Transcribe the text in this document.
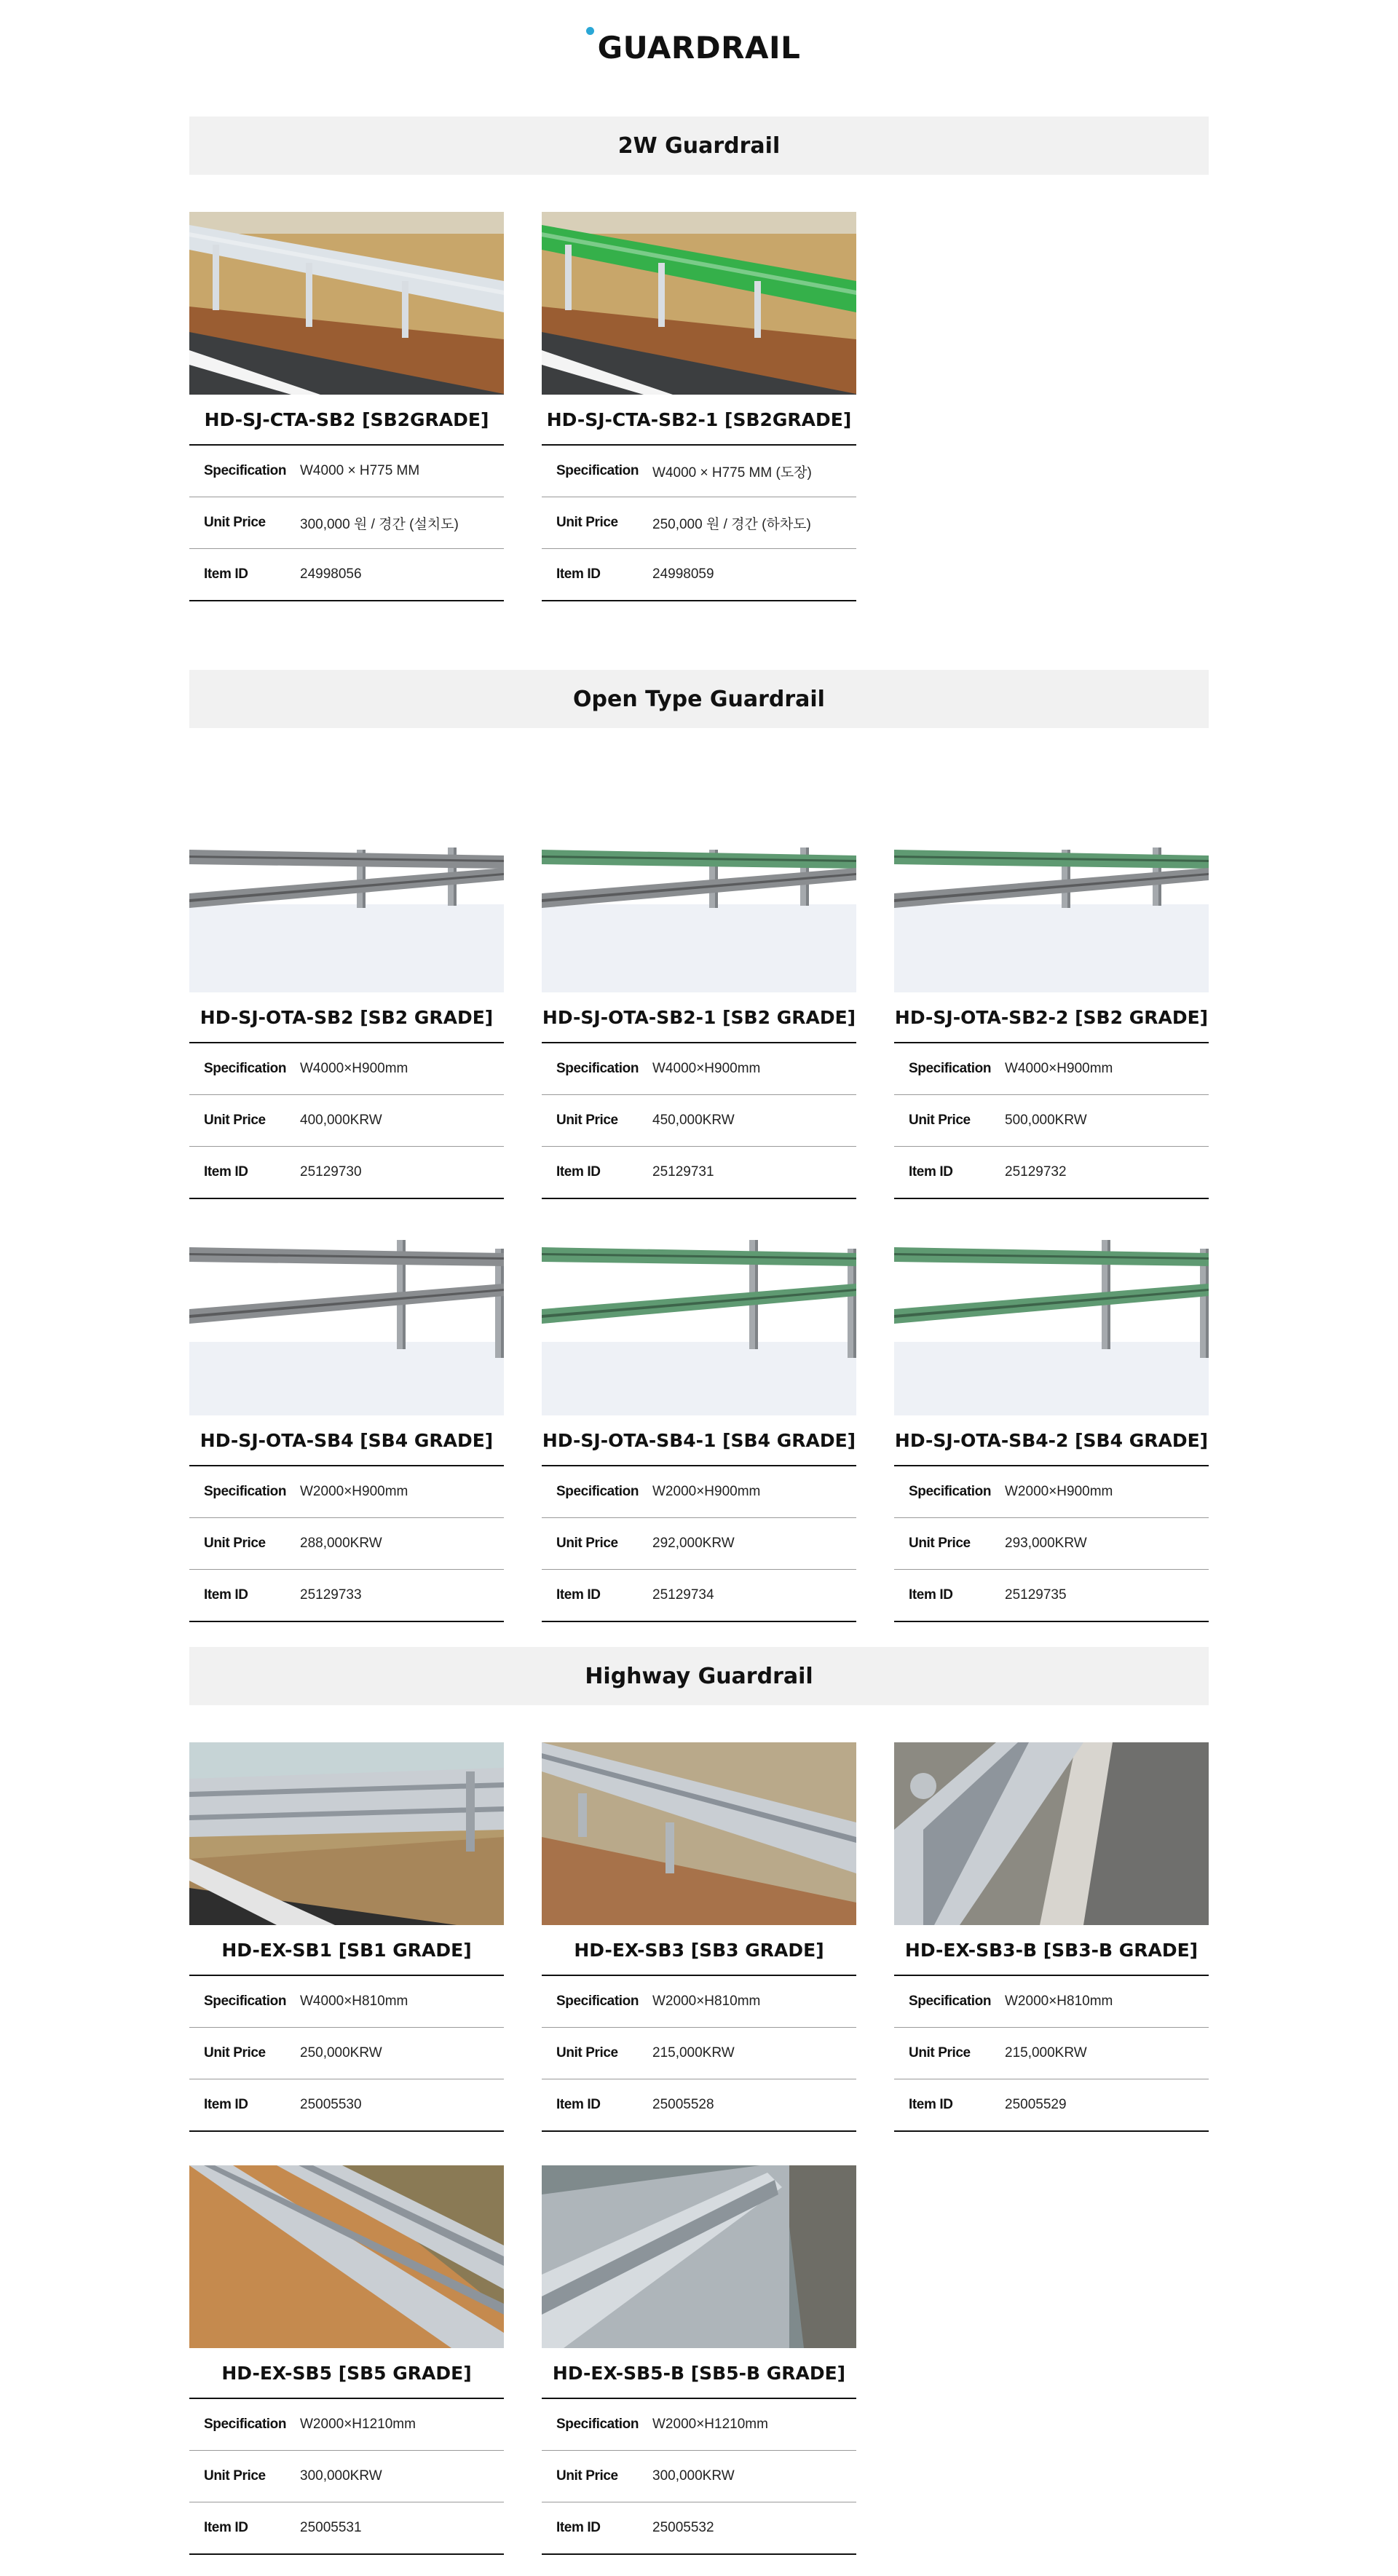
GUARDRAIL
2W Guardrail
Open Type Guardrail
Highway Guardrail
HD-SJ-CTA-SB2 [SB2GRADE]
Specification W4000 × H775 MM
Unit Price	300,000 원 / 경간 (설치도)
Item ID	24998056
HD-SJ-CTA-SB2-1 [SB2GRADE]
Specification W4000 × H775 MM (도장)
Unit Price	250,000 원 / 경간 (하차도)
Item ID	24998059
HD-SJ-OTA-SB2 [SB2 GRADE]
Specification W4000×H900mm
Unit Price	400,000KRW
Item ID	25129730
HD-SJ-OTA-SB2-1 [SB2 GRADE]
Specification W4000×H900mm
Unit Price	450,000KRW
Item ID	25129731
HD-SJ-OTA-SB2-2 [SB2 GRADE]
Specification W4000×H900mm
Unit Price	500,000KRW
Item ID	25129732
HD-SJ-OTA-SB4 [SB4 GRADE]
Specification W2000×H900mm
Unit Price	288,000KRW
Item ID	25129733
HD-SJ-OTA-SB4-1 [SB4 GRADE]
Specification W2000×H900mm
Unit Price	292,000KRW
Item ID	25129734
HD-SJ-OTA-SB4-2 [SB4 GRADE]
Specification W2000×H900mm
Unit Price	293,000KRW
Item ID	25129735
HD-EX-SB1 [SB1 GRADE]
Specification W4000×H810mm
Unit Price	250,000KRW
Item ID	25005530
HD-EX-SB3 [SB3 GRADE]
Specification W2000×H810mm
Unit Price	215,000KRW
Item ID	25005528
HD-EX-SB3-B [SB3-B GRADE]
Specification W2000×H810mm
Unit Price	215,000KRW
Item ID	25005529
HD-EX-SB5 [SB5 GRADE]
Specification W2000×H1210mm
Unit Price	300,000KRW
Item ID	25005531
HD-EX-SB5-B [SB5-B GRADE]
Specification W2000×H1210mm
Unit Price	300,000KRW
Item ID	25005532
